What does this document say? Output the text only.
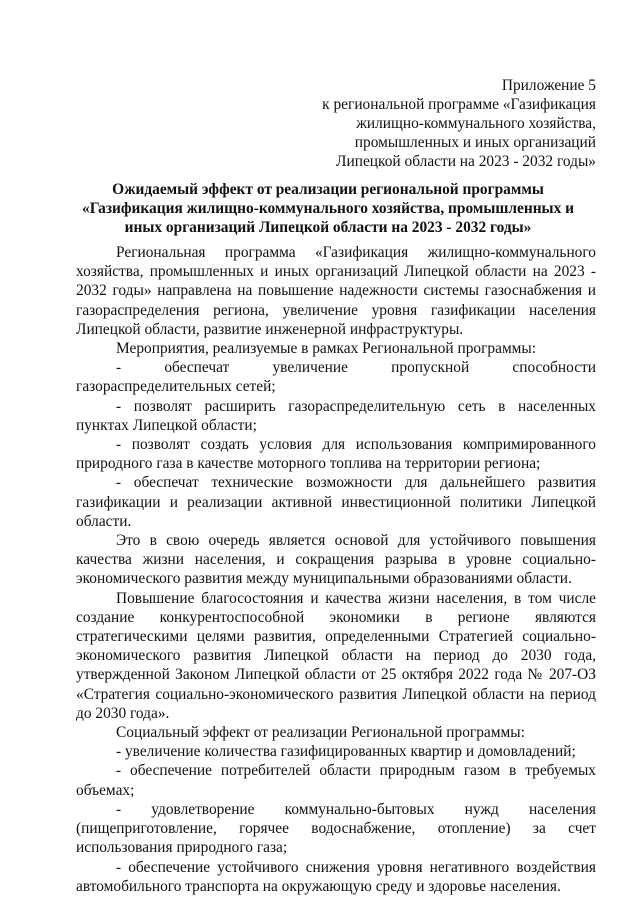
Приложение 5
к региональной программе «Газификация
жилищно-коммунального хозяйства,
промышленных и иных организаций
Липецкой области на 2023 - 2032 годы»
Ожидаемый эффект от реализации региональной программы
«Газификация жилищно-коммунального хозяйства, промышленных и
иных организаций Липецкой области на 2023 - 2032 годы»

Региональная программа «Газификация жилищно-коммунального хозяйства, промышленных и иных организаций Липецкой области на 2023 - 2032 годы» направлена на повышение надежности системы газоснабжения и газораспределения региона, увеличение уровня газификации населения Липецкой области, развитие инженерной инфраструктуры.

Мероприятия, реализуемые в рамках Региональной программы:

- обеспечат увеличение пропускной способности газораспределительных сетей;

- позволят расширить газораспределительную сеть в населенных пунктах Липецкой области;

- позволят создать условия для использования компримированного природного газа в качестве моторного топлива на территории региона;

- обеспечат технические возможности для дальнейшего развития газификации и реализации активной инвестиционной политики Липецкой области.

Это в свою очередь является основой для устойчивого повышения качества жизни населения, и сокращения разрыва в уровне социально-экономического развития между муниципальными образованиями области.

Повышение благосостояния и качества жизни населения, в том числе создание конкурентоспособной экономики в регионе являются стратегическими целями развития, определенными Стратегией социально-экономического развития Липецкой области на период до 2030 года, утвержденной Законом Липецкой области от 25 октября 2022 года № 207-ОЗ «Стратегия социально-экономического развития Липецкой области на период до 2030 года».

Социальный эффект от реализации Региональной программы:

- увеличение количества газифицированных квартир и домовладений;

- обеспечение потребителей области природным газом в требуемых объемах;

- удовлетворение коммунально-бытовых нужд населения (пищеприготовление, горячее водоснабжение, отопление) за счет использования природного газа;

- обеспечение устойчивого снижения уровня негативного воздействия автомобильного транспорта на окружающую среду и здоровье населения.
